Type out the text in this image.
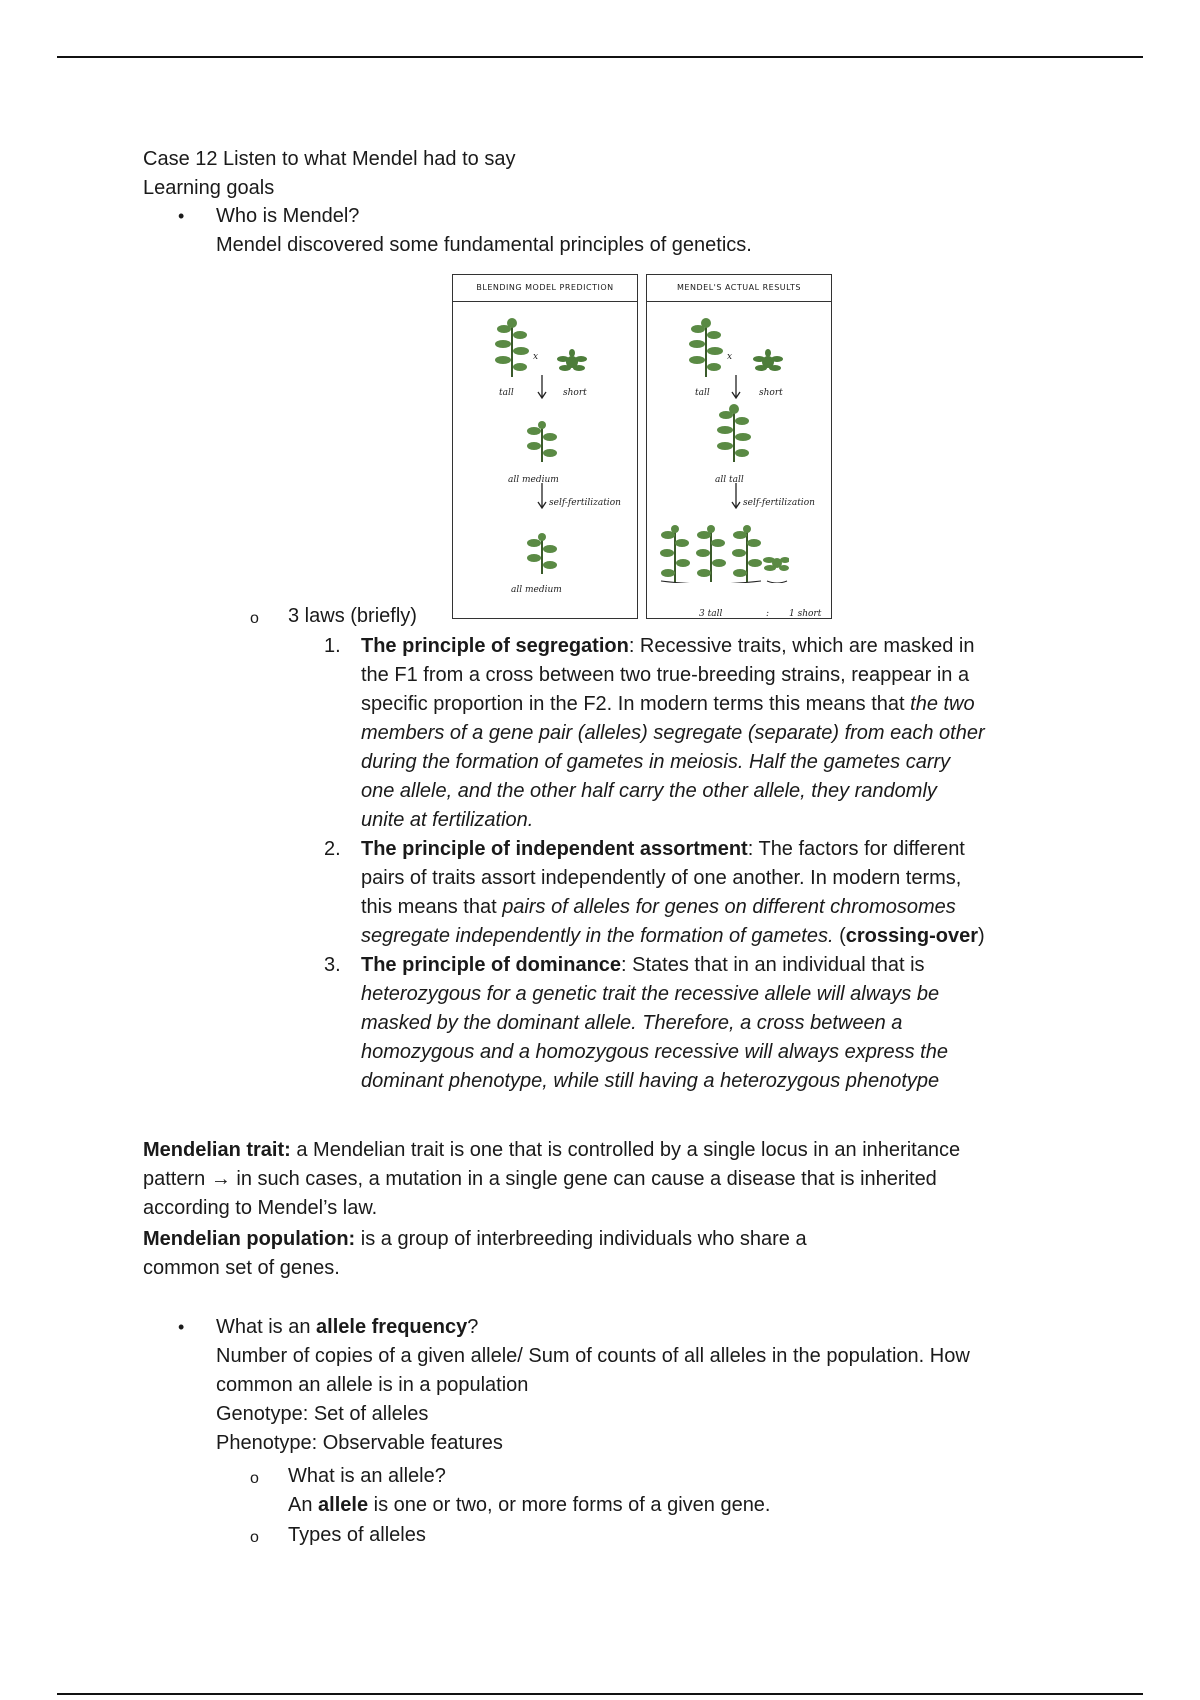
Case 12 Listen to what Mendel had to say
Learning goals
• Who is Mendel?
Mendel discovered some fundamental principles of genetics.
BLENDING MODEL PREDICTION
x
tall	short
all medium
self-fertilization
all medium
MENDEL'S ACTUAL RESULTS
x
tall	short
all tall
self-fertilization
3 tall	: 1 short
o 3 laws (briefly)
1. The principle of segregation: Recessive traits, which are masked in
the F1 from a cross between two true-breeding strains, reappear in a
specific proportion in the F2. In modern terms this means that the two
members of a gene pair (alleles) segregate (separate) from each other
during the formation of gametes in meiosis. Half the gametes carry
one allele, and the other half carry the other allele, they randomly
unite at fertilization.
2. The principle of independent assortment: The factors for different
pairs of traits assort independently of one another. In modern terms,
this means that pairs of alleles for genes on different chromosomes
segregate independently in the formation of gametes. (crossing-over)
3. The principle of dominance: States that in an individual that is
heterozygous for a genetic trait the recessive allele will always be
masked by the dominant allele. Therefore, a cross between a
homozygous and a homozygous recessive will always express the
dominant phenotype, while still having a heterozygous phenotype
Mendelian trait: a Mendelian trait is one that is controlled by a single locus in an inheritance
pattern → in such cases, a mutation in a single gene can cause a disease that is inherited
according to Mendel’s law.
Mendelian population: is a group of interbreeding individuals who share a
common set of genes.
• What is an allele frequency?
Number of copies of a given allele/ Sum of counts of all alleles in the population. How
common an allele is in a population
Genotype: Set of alleles
Phenotype: Observable features
o What is an allele?
An allele is one or two, or more forms of a given gene.
o Types of alleles
